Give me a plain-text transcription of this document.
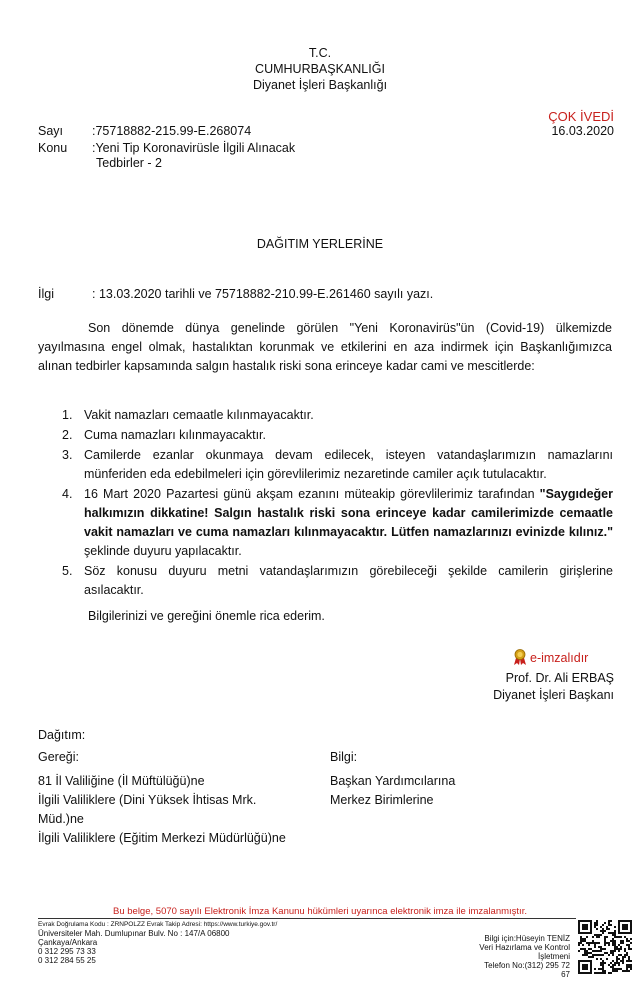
T.C.
CUMHURBAŞKANLIĞI
Diyanet İşleri Başkanlığı
ÇOK İVEDİ
16.03.2020
Sayı :75718882-215.99-E.268074
Konu :Yeni Tip Koronavirüsle İlgili Alınacak
Tedbirler - 2
DAĞITIM YERLERİNE
İlgi	: 13.03.2020 tarihli ve 75718882-210.99-E.261460 sayılı yazı.
Son dönemde dünya genelinde görülen "Yeni Koronavirüs"ün (Covid-19) ülkemizde yayılmasına engel olmak, hastalıktan korunmak ve etkilerini en aza indirmek için Başkanlığımızca alınan tedbirler kapsamında salgın hastalık riski sona erinceye kadar cami ve mescitlerde:
1. Vakit namazları cemaatle kılınmayacaktır.
2. Cuma namazları kılınmayacaktır.
3. Camilerde ezanlar okunmaya devam edilecek, isteyen vatandaşlarımızın namazlarını münferiden eda edebilmeleri için görevlilerimiz nezaretinde camiler açık tutulacaktır.
4. 16 Mart 2020 Pazartesi günü akşam ezanını müteakip görevlilerimiz tarafından "Saygıdeğer halkımızın dikkatine! Salgın hastalık riski sona erinceye kadar camilerimizde cemaatle vakit namazları ve cuma namazları kılınmayacaktır. Lütfen namazlarınızı evinizde kılınız." şeklinde duyuru yapılacaktır.
5. Söz konusu duyuru metni vatandaşlarımızın görebileceği şekilde camilerin girişlerine asılacaktır.
Bilgilerinizi ve gereğini önemle rica ederim.
e-imzalıdır
Prof. Dr. Ali ERBAŞ
Diyanet İşleri Başkanı
Dağıtım:
Gereği:
81 İl Valiliğine (İl Müftülüğü)ne
İlgili Valiliklere (Dini Yüksek İhtisas Mrk.
Müd.)ne
İlgili Valiliklere (Eğitim Merkezi Müdürlüğü)ne
Bilgi:
Başkan Yardımcılarına
Merkez Birimlerine
Bu belge, 5070 sayılı Elektronik İmza Kanunu hükümleri uyarınca elektronik imza ile imzalanmıştır.
Evrak Doğrulama Kodu : ZRNPOLZZ Evrak Takip Adresi: https://www.turkiye.gov.tr/
Üniversiteler Mah. Dumlupınar Bulv. No : 147/A 06800
Çankaya/Ankara
0 312 295 73 33
0 312 284 55 25
Bilgi için:Hüseyin TENİZ
Veri Hazırlama ve Kontrol
İşletmeni
Telefon No:(312) 295 72
67
